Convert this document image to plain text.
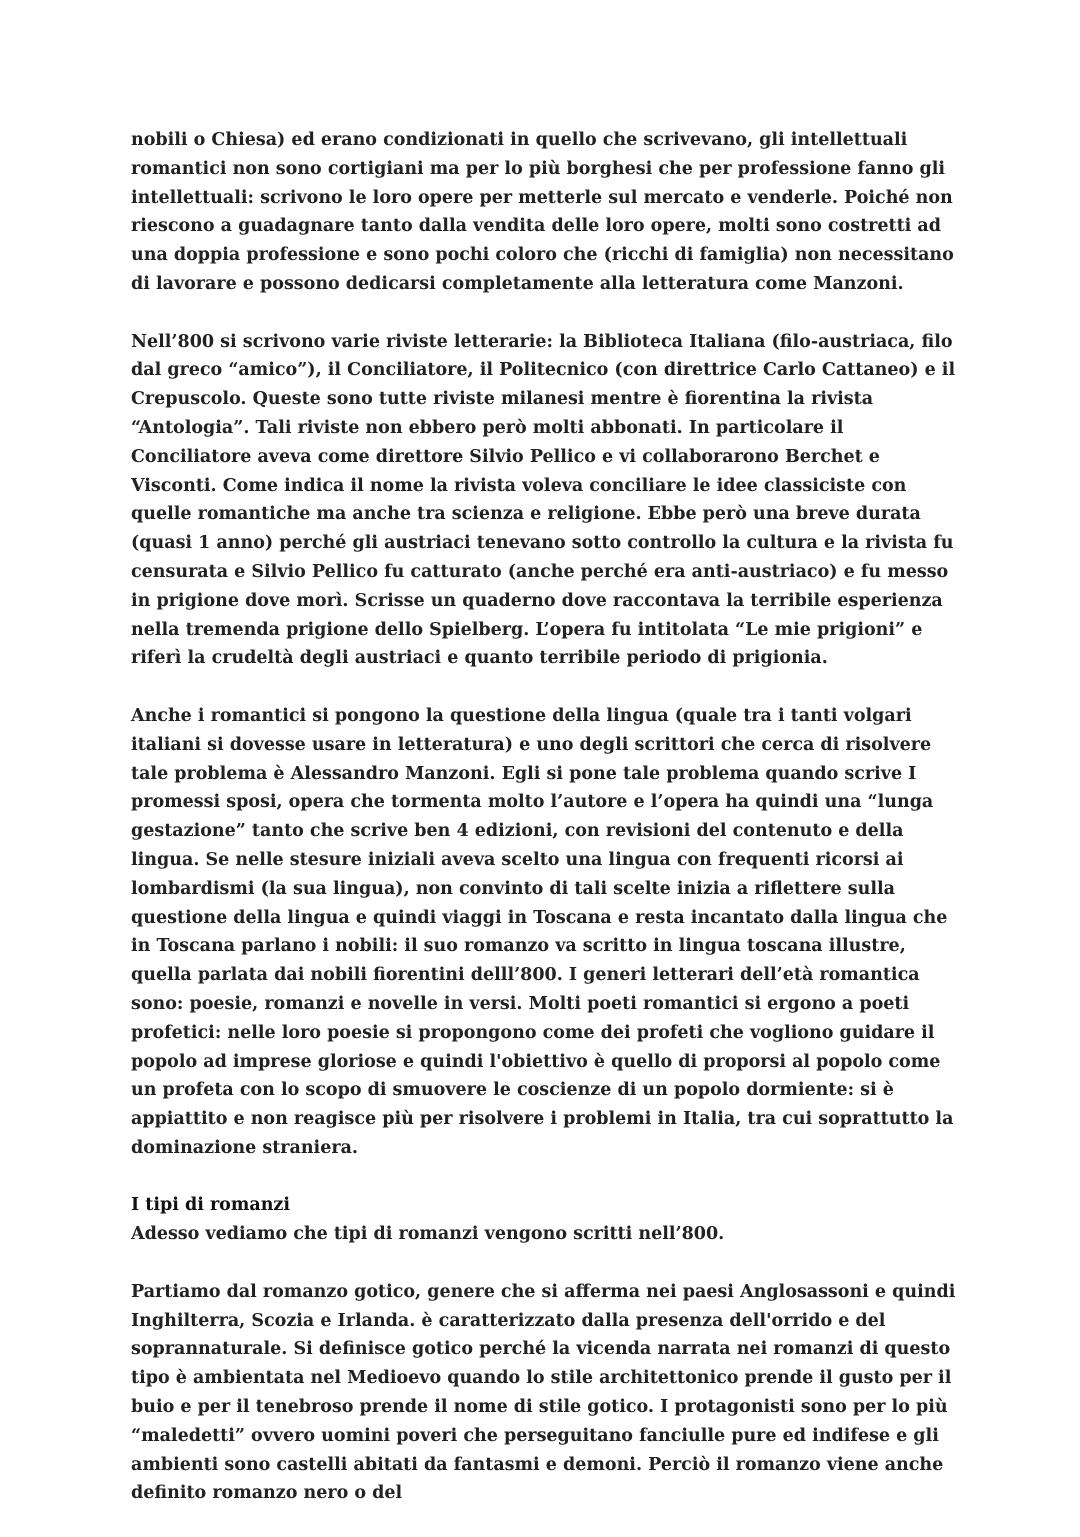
nobili o Chiesa) ed erano condizionati in quello che scrivevano, gli intellettuali romantici non sono cortigiani ma per lo più borghesi che per professione fanno gli intellettuali: scrivono le loro opere per metterle sul mercato e venderle. Poiché non riescono a guadagnare tanto dalla vendita delle loro opere, molti sono costretti ad una doppia professione e sono pochi coloro che (ricchi di famiglia) non necessitano di lavorare e possono dedicarsi completamente alla letteratura come Manzoni.

Nell’800 si scrivono varie riviste letterarie: la Biblioteca Italiana (filo-austriaca, filo dal greco “amico”), il Conciliatore, il Politecnico (con direttrice Carlo Cattaneo) e il Crepuscolo. Queste sono tutte riviste milanesi mentre è fiorentina la rivista “Antologia”. Tali riviste non ebbero però molti abbonati. In particolare il Conciliatore aveva come direttore Silvio Pellico e vi collaborarono Berchet e Visconti. Come indica il nome la rivista voleva conciliare le idee classiciste con quelle romantiche ma anche tra scienza e religione. Ebbe però una breve durata (quasi 1 anno) perché gli austriaci tenevano sotto controllo la cultura e la rivista fu censurata e Silvio Pellico fu catturato (anche perché era anti-austriaco) e fu messo in prigione dove morì. Scrisse un quaderno dove raccontava la terribile esperienza nella tremenda prigione dello Spielberg. L’opera fu intitolata “Le mie prigioni” e riferì la crudeltà degli austriaci e quanto terribile periodo di prigionia.

Anche i romantici si pongono la questione della lingua (quale tra i tanti volgari italiani si dovesse usare in letteratura) e uno degli scrittori che cerca di risolvere tale problema è Alessandro Manzoni. Egli si pone tale problema quando scrive I promessi sposi, opera che tormenta molto l’autore e l’opera ha quindi una “lunga gestazione” tanto che scrive ben 4 edizioni, con revisioni del contenuto e della lingua. Se nelle stesure iniziali aveva scelto una lingua con frequenti ricorsi ai lombardismi (la sua lingua), non convinto di tali scelte inizia a riflettere sulla questione della lingua e quindi viaggi in Toscana e resta incantato dalla lingua che in Toscana parlano i nobili: il suo romanzo va scritto in lingua toscana illustre, quella parlata dai nobili fiorentini delll’800. I generi letterari dell’età romantica sono: poesie, romanzi e novelle in versi. Molti poeti romantici si ergono a poeti profetici: nelle loro poesie si propongono come dei profeti che vogliono guidare il popolo ad imprese gloriose e quindi l'obiettivo è quello di proporsi al popolo come un profeta con lo scopo di smuovere le coscienze di un popolo dormiente: si è appiattito e non reagisce più per risolvere i problemi in Italia, tra cui soprattutto la dominazione straniera.

I tipi di romanzi

Adesso vediamo che tipi di romanzi vengono scritti nell’800.

Partiamo dal romanzo gotico, genere che si afferma nei paesi Anglosassoni e quindi Inghilterra, Scozia e Irlanda. è caratterizzato dalla presenza dell'orrido e del soprannaturale. Si definisce gotico perché la vicenda narrata nei romanzi di questo tipo è ambientata nel Medioevo quando lo stile architettonico prende il gusto per il buio e per il tenebroso prende il nome di stile gotico. I protagonisti sono per lo più “maledetti” ovvero uomini poveri che perseguitano fanciulle pure ed indifese e gli ambienti sono castelli abitati da fantasmi e demoni. Perciò il romanzo viene anche definito romanzo nero o del
